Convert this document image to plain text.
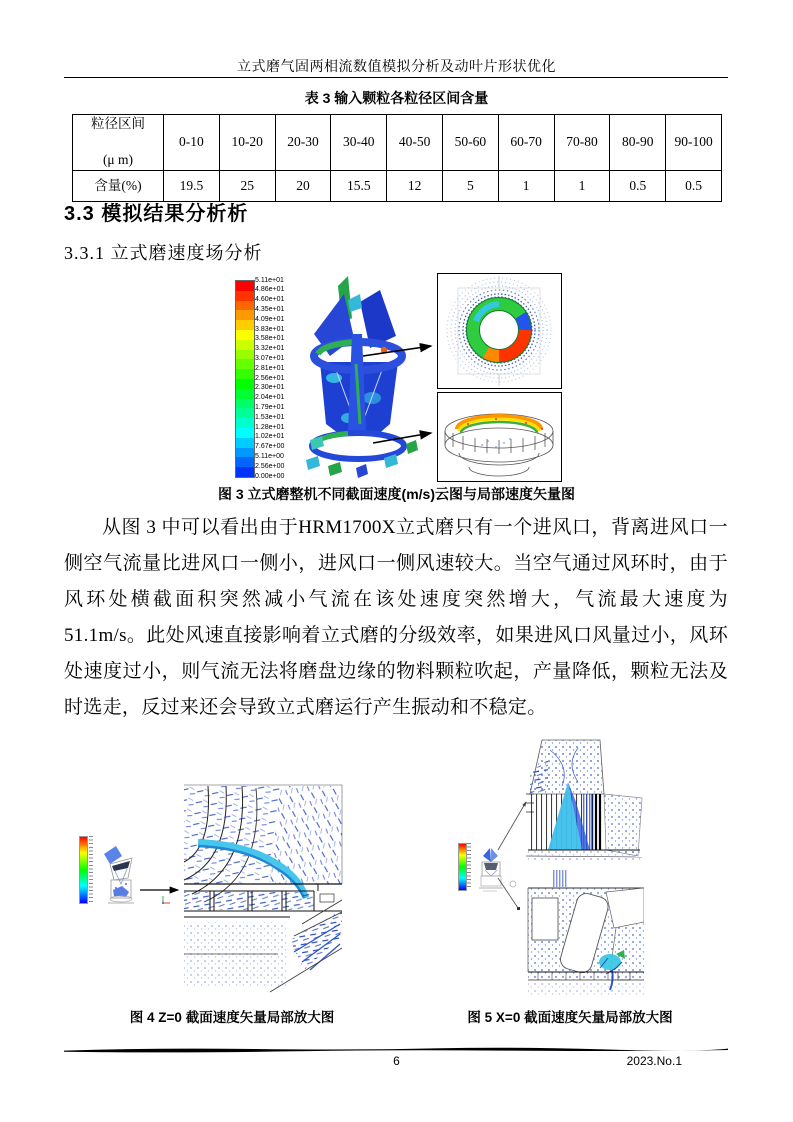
立式磨气固两相流数值模拟分析及动叶片形状优化
表 3 输入颗粒各粒径区间含量
粒径区间

(μ m)	0-10	10-20	20-30	30-40	40-50	50-60	60-70	70-80	80-90	90-100
含量(%)	19.5	25	20	15.5	12	5	1	1	0.5	0.5
3.3 模拟结果分析析
3.3.1 立式磨速度场分析
5.11e+01
4.86e+01
4.60e+01
4.35e+01
4.09e+01
3.83e+01
3.58e+01
3.32e+01
3.07e+01
2.81e+01
2.56e+01
2.30e+01
2.04e+01
1.79e+01
1.53e+01
1.28e+01
1.02e+01
7.67e+00
5.11e+00
2.56e+00
0.00e+00
图 3 立式磨整机不同截面速度(m/s)云图与局部速度矢量图
从图 3 中可以看出由于HRM1700X立式磨只有一个进风口，背离进风口一侧空气流量比进风口一侧小，进风口一侧风速较大。当空气通过风环时，由于风环处横截面积突然减小气流在该处速度突然增大，气流最大速度为 51.1m/s。此处风速直接影响着立式磨的分级效率，如果进风口风量过小，风环处速度过小，则气流无法将磨盘边缘的物料颗粒吹起，产量降低，颗粒无法及时选走，反过来还会导致立式磨运行产生振动和不稳定。
图 4 Z=0 截面速度矢量局部放大图	图 5 X=0 截面速度矢量局部放大图
6	2023.No.1
